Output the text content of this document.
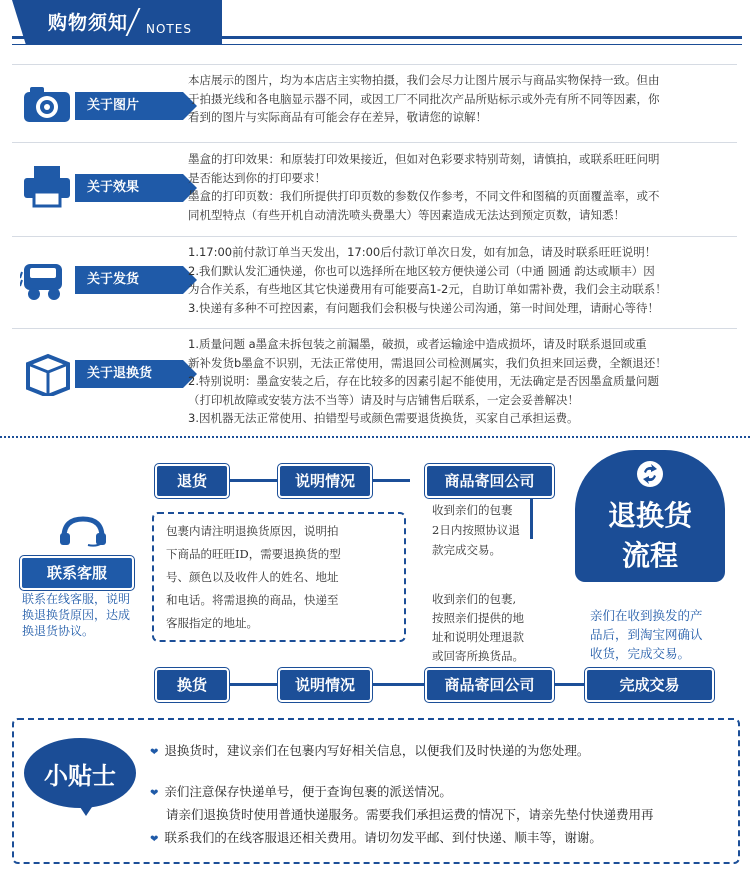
购物须知 NOTES
关于图片
本店展示的图片，均为本店店主实物拍摄，我们会尽力让图片展示与商品实物保持一致。但由
于拍摄光线和各电脑显示器不同，或因工厂不同批次产品所贴标示或外壳有所不同等因素，你
看到的图片与实际商品有可能会存在差异，敬请您的谅解！
关于效果
墨盒的打印效果：和原装打印效果接近，但如对色彩要求特别苛刻，请慎拍，或联系旺旺问明
是否能达到你的打印要求！
墨盒的打印页数：我们所提供打印页数的参数仅作参考，不同文件和图稿的页面覆盖率，或不
同机型特点（有些开机自动清洗喷头费墨大）等因素造成无法达到预定页数，请知悉！
关于发货
1.17:00前付款订单当天发出，17:00后付款订单次日发，如有加急，请及时联系旺旺说明！
2.我们默认发汇通快递，你也可以选择所在地区较方便快递公司（中通 圆通 韵达或顺丰）因
为合作关系，有些地区其它快递费用有可能要高1-2元，自助订单如需补费，我们会主动联系！
3.快递有多种不可控因素，有问题我们会积极与快递公司沟通，第一时间处理，请耐心等待！
关于退换货
1.质量问题 a墨盒未拆包装之前漏墨，破损，或者运输途中造成损坏，请及时联系退回或重
新补发货b墨盒不识别，无法正常使用，需退回公司检测属实，我们负担来回运费，全额退还！
2.特别说明：墨盒安装之后，存在比较多的因素引起不能使用，无法确定是否因墨盒质量问题
（打印机故障或安装方法不当等）请及时与店铺售后联系，一定会妥善解决！
3.因机器无法正常使用、拍错型号或颜色需要退货换货，买家自己承担运费。
联系客服
联系在线客服，说明
换退换货原因，达成
换退货协议。
退货	说明情况	商品寄回公司
包裹内请注明退换货原因，说明拍
下商品的旺旺ID，需要退换货的型
号、颜色以及收件人的姓名、地址
和电话。将需退换的商品，快递至
客服指定的地址。
收到亲们的包裹
2日内按照协议退
款完成交易。
收到亲们的包裹,
按照亲们提供的地
址和说明处理退款
或回寄所换货品。
退换货
流程
亲们在收到换发的产
品后，到淘宝网确认
收货，完成交易。
换货	说明情况	商品寄回公司	完成交易
小贴士
❤ 退换货时，建议亲们在包裹内写好相关信息，以便我们及时快递的为您处理。
❤ 亲们注意保存快递单号，便于查询包裹的派送情况。
请亲们退换货时使用普通快递服务。需要我们承担运费的情况下，请亲先垫付快递费用再
❤ 联系我们的在线客服退还相关费用。请切勿发平邮、到付快递、顺丰等，谢谢。
